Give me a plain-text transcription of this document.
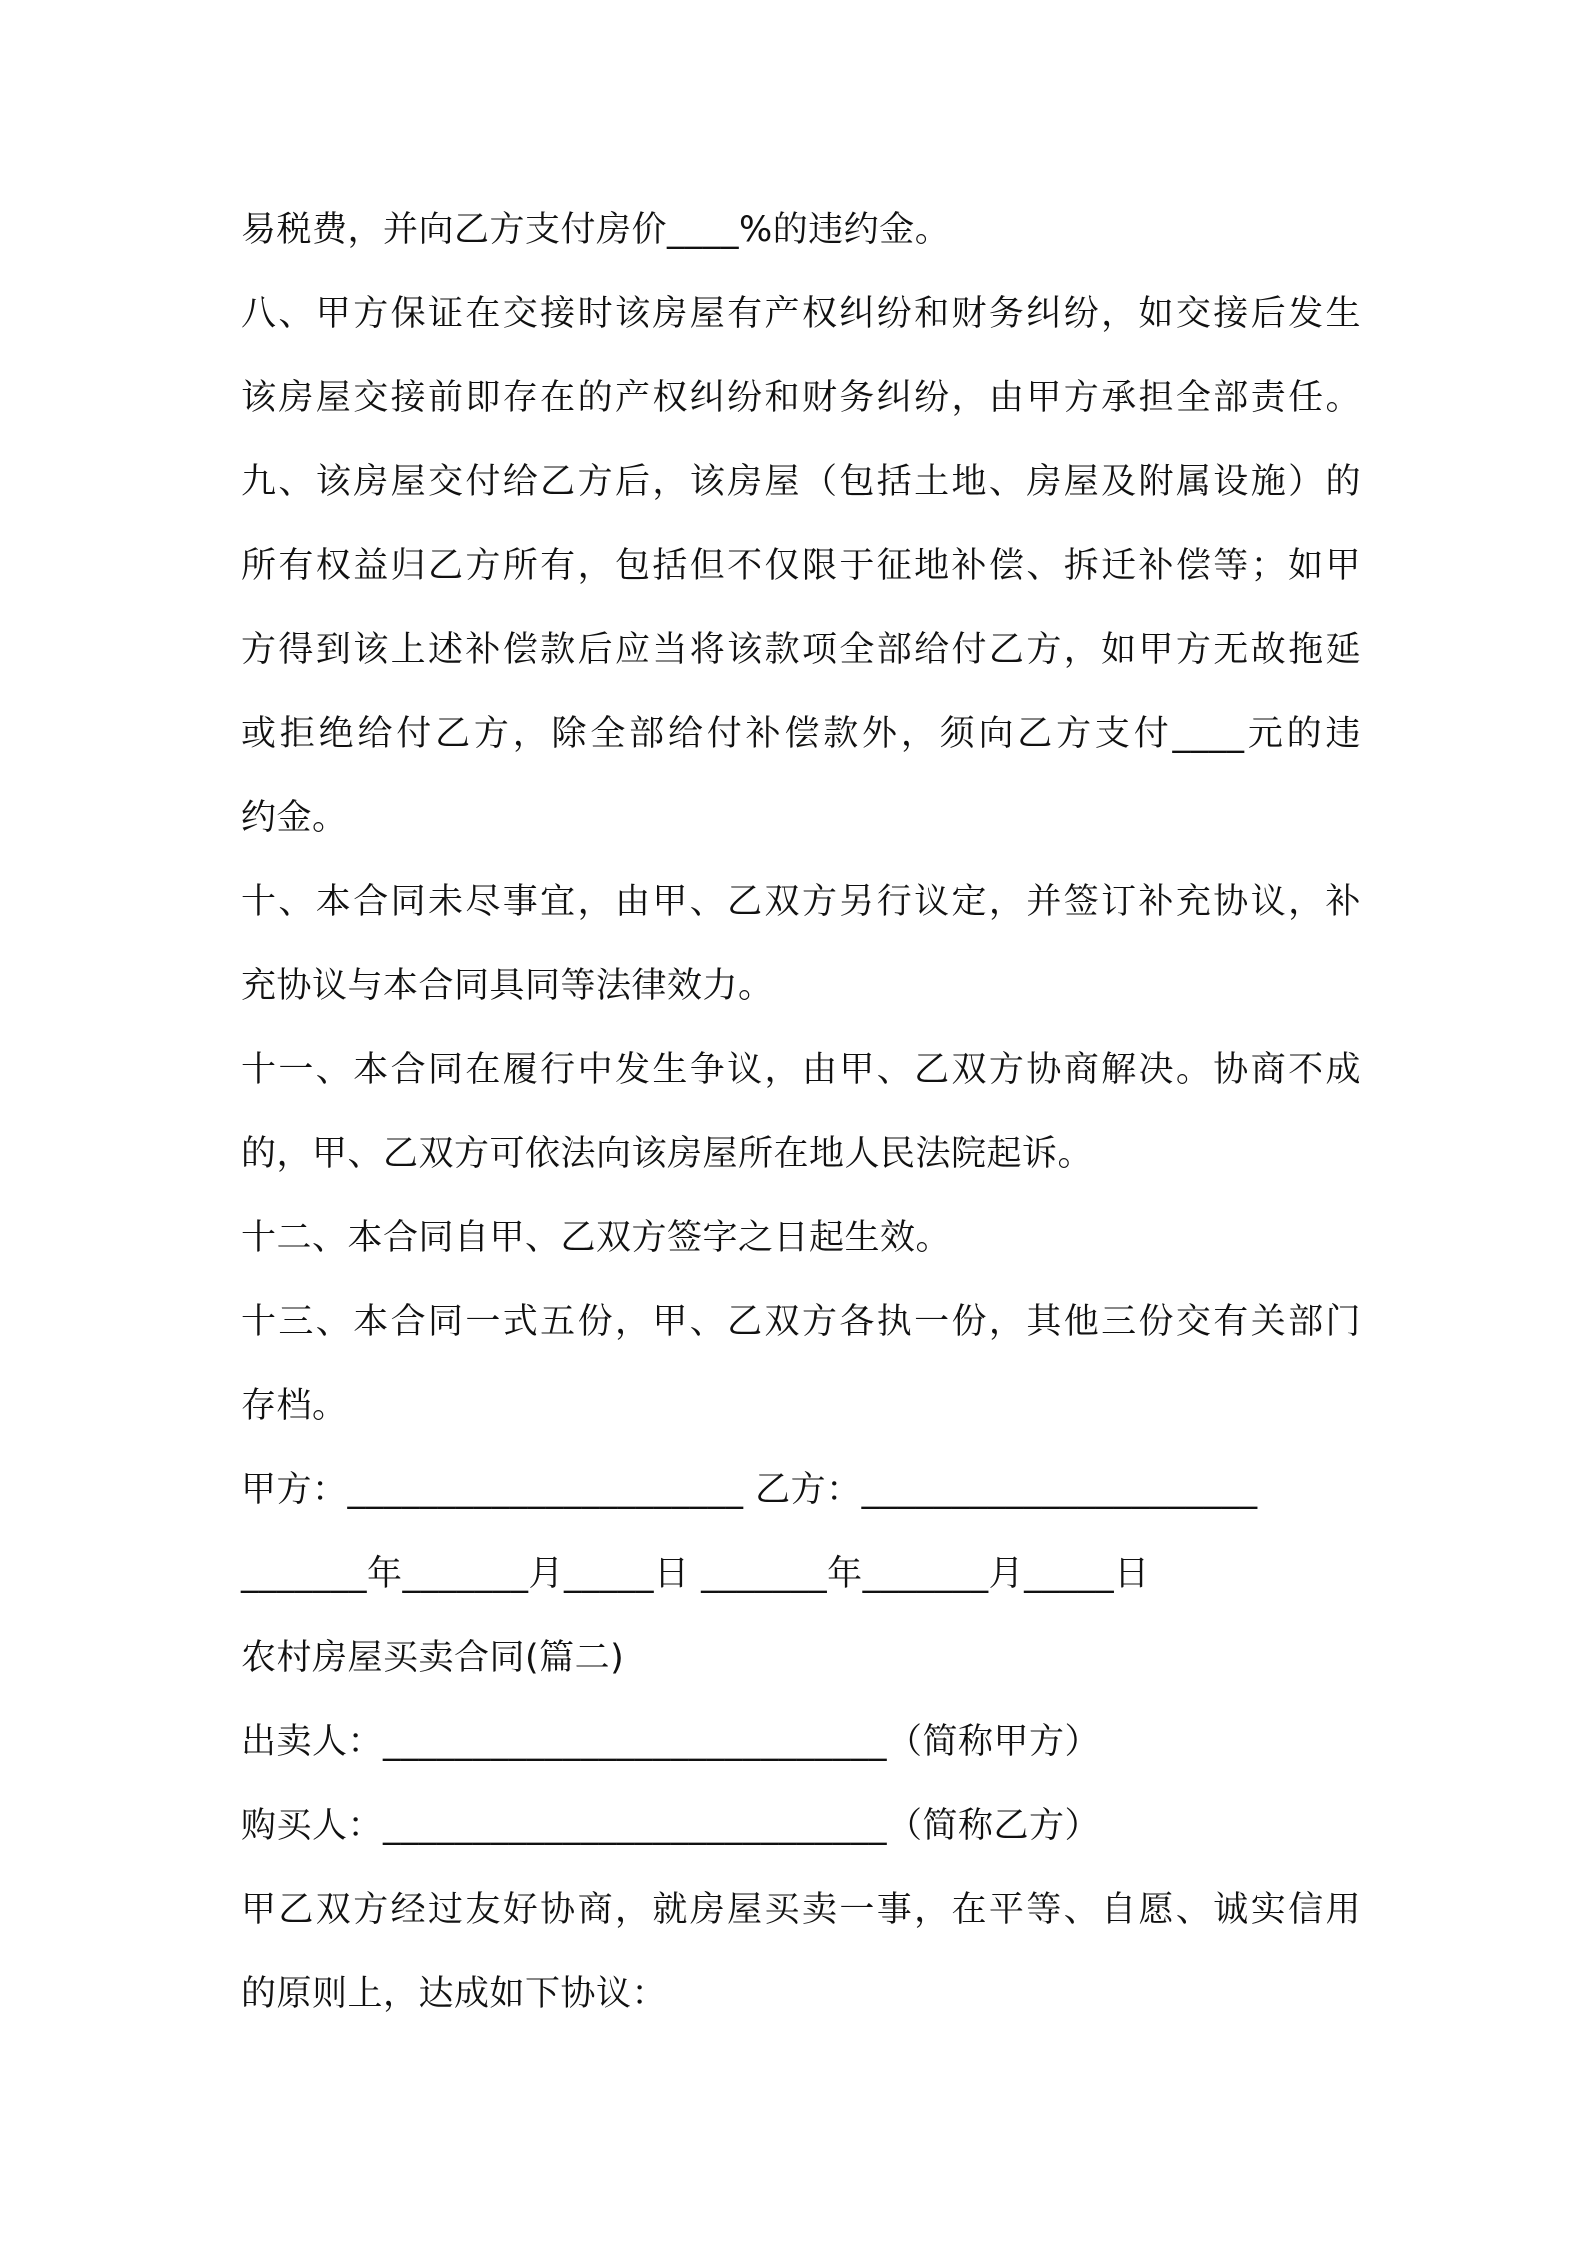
易税费，并向乙方支付房价____%的违约金。
八、甲方保证在交接时该房屋有产权纠纷和财务纠纷，如交接后发生
该房屋交接前即存在的产权纠纷和财务纠纷，由甲方承担全部责任。
九、该房屋交付给乙方后，该房屋（包括土地、房屋及附属设施）的
所有权益归乙方所有，包括但不仅限于征地补偿、拆迁补偿等；如甲
方得到该上述补偿款后应当将该款项全部给付乙方，如甲方无故拖延
或拒绝给付乙方，除全部给付补偿款外，须向乙方支付____元的违
约金。
十、本合同未尽事宜，由甲、乙双方另行议定，并签订补充协议，补
充协议与本合同具同等法律效力。
十一、本合同在履行中发生争议，由甲、乙双方协商解决。协商不成
的，甲、乙双方可依法向该房屋所在地人民法院起诉。
十二、本合同自甲、乙双方签字之日起生效。
十三、本合同一式五份，甲、乙双方各执一份，其他三份交有关部门
存档。
甲方：______________________ 乙方：______________________
_______年_______月_____日 _______年_______月_____日
农村房屋买卖合同(篇二)
出卖人：____________________________（简称甲方）
购买人：____________________________（简称乙方）
甲乙双方经过友好协商，就房屋买卖一事，在平等、自愿、诚实信用
的原则上，达成如下协议：
